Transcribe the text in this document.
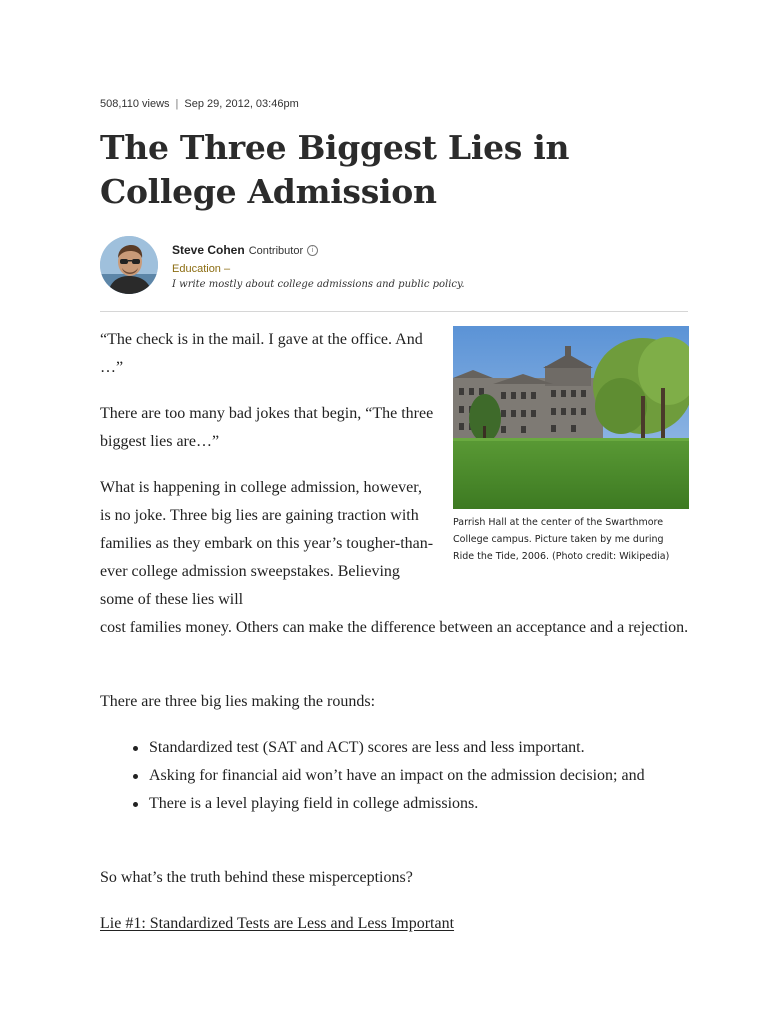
508,110 views | Sep 29, 2012, 03:46pm
The Three Biggest Lies in College Admission
Steve Cohen Contributor i
Education –
I write mostly about college admissions and public policy.
Parrish Hall at the center of the Swarthmore College campus. Picture taken by me during Ride the Tide, 2006. (Photo credit: Wikipedia)

“The check is in the mail. I gave at the office. And …”

There are too many bad jokes that begin, “The three biggest lies are…”

What is happening in college admission, however, is no joke. Three big lies are gaining traction with families as they embark on this year’s tougher-than-ever college admission sweepstakes. Believing some of these lies will

cost families money. Others can make the difference between an acceptance and a rejection.

There are three big lies making the rounds:

Standardized test (SAT and ACT) scores are less and less important.
Asking for financial aid won’t have an impact on the admission decision; and
There is a level playing field in college admissions.

So what’s the truth behind these misperceptions?

Lie #1: Standardized Tests are Less and Less Important
